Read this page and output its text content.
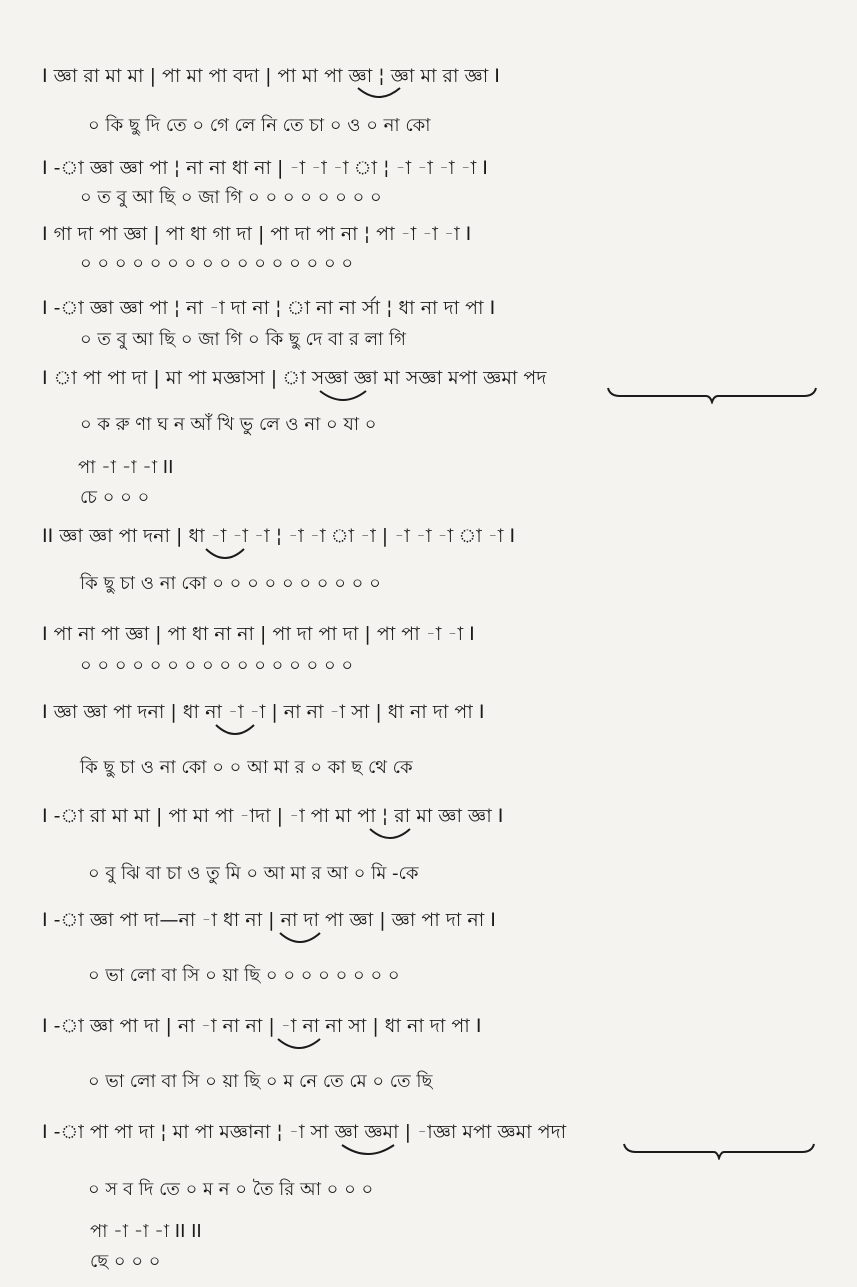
I জ্ঞা রা মা মা | পা মা পা বদা | পা মা পা জ্ঞা ¦ জ্ঞা মা রা জ্ঞা I
০ কি ছু দি তে ০ গে লে নি তে চা ০ ও ০ না কো
I -া জ্ঞা জ্ঞা পা ¦ না না ধা না | -া -া -া া ¦ -া -া -া -া I
০ ত বু আ ছি ০ জা গি ০ ০ ০ ০ ০ ০ ০ ০
I গা দা পা জ্ঞা | পা ধা গা দা | পা দা পা না ¦ পা -া -া -া I
০ ০ ০ ০ ০ ০ ০ ০ ০ ০ ০ ০ ০ ০ ০ ০
I -া জ্ঞা জ্ঞা পা ¦ না -া দা না ¦ া না না র্সা ¦ ধা না দা পা I
০ ত বু আ ছি ০ জা গি ০ কি ছু দে বা র লা গি
I া পা পা দা | মা পা মজ্ঞাসা | া সজ্ঞা জ্ঞা মা সজ্ঞা মপা জ্ঞমা পদ
০ ক রু ণা ঘ ন আঁ খি ভু লে ও না ০ যা ০
পা -া -া -া II
চে ০ ০ ০
II জ্ঞা জ্ঞা পা দনা | ধা -া -া -া ¦ -া -া া -া | -া -া -া া -া I
কি ছু চা ও না কো ০ ০ ০ ০ ০ ০ ০ ০ ০ ০
I পা না পা জ্ঞা | পা ধা না না | পা দা পা দা | পা পা -া -া I
০ ০ ০ ০ ০ ০ ০ ০ ০ ০ ০ ০ ০ ০ ০ ০
I জ্ঞা জ্ঞা পা দনা | ধা না -া -া | না না -া সা | ধা না দা পা I
কি ছু চা ও না কো ০ ০ আ মা র ০ কা ছ থে কে
I -া রা মা মা | পা মা পা -াদা | -া পা মা পা ¦ রা মা জ্ঞা জ্ঞা I
০ বু ঝি বা চা ও তু মি ০ আ মা র আ ০ মি -কে
I -া জ্ঞা পা দা—না -া ধা না | না দা পা জ্ঞা | জ্ঞা পা দা না I
০ ভা লো বা সি ০ য়া ছি ০ ০ ০ ০ ০ ০ ০ ০
I -া জ্ঞা পা দা | না -া না না | -া না না সা | ধা না দা পা I
০ ভা লো বা সি ০ য়া ছি ০ ম নে তে মে ০ তে ছি
I -া পা পা দা ¦ মা পা মজ্ঞানা ¦ -া সা জ্ঞা জ্ঞমা | -াজ্ঞা মপা জ্ঞমা পদা
০ স ব দি তে ০ ম ন ০ তৈ রি আ ০ ০ ০
পা -া -া -া II II
ছে ০ ০ ০
